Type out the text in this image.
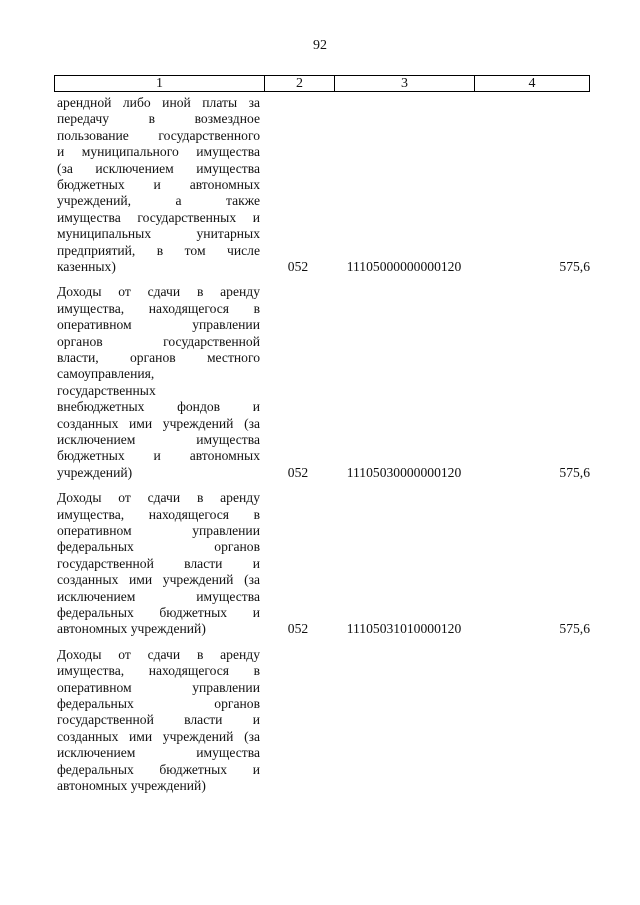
92
1	2	3	4
арендной либо иной платы за
передачу в возмездное
пользование государственного
и муниципального имущества
(за исключением имущества
бюджетных и автономных
учреждений, а также
имущества государственных и
муниципальных унитарных
предприятий, в том числе
казенных)	052	11105000000000120	575,6
Доходы от сдачи в аренду
имущества, находящегося в
оперативном управлении
органов государственной
власти, органов местного
самоуправления,
государственных
внебюджетных фондов и
созданных ими учреждений (за
исключением имущества
бюджетных и автономных
учреждений)	052	11105030000000120	575,6
Доходы от сдачи в аренду
имущества, находящегося в
оперативном управлении
федеральных органов
государственной власти и
созданных ими учреждений (за
исключением имущества
федеральных бюджетных и
автономных учреждений)	052	11105031010000120	575,6
Доходы от сдачи в аренду
имущества, находящегося в
оперативном управлении
федеральных органов
государственной власти и
созданных ими учреждений (за
исключением имущества
федеральных бюджетных и
автономных учреждений)
